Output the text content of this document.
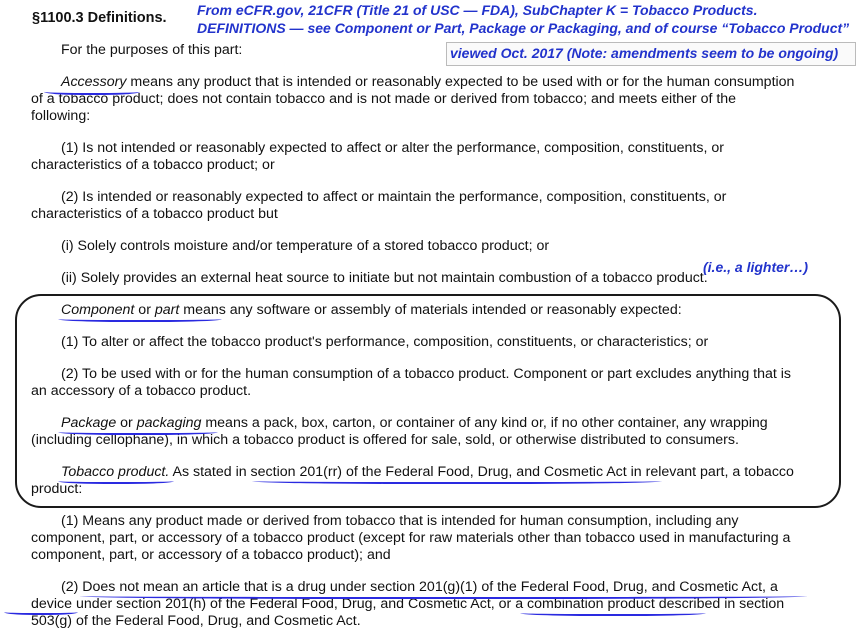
§1100.3 Definitions. From eCFR.gov, 21CFR (Title 21 of USC — FDA), SubChapter K = Tobacco Products.
DEFINITIONS — see Component or Part, Package or Packaging, and of course “Tobacco Product”
viewed Oct. 2017 (Note: amendments seem to be ongoing)
For the purposes of this part:
Accessory means any product that is intended or reasonably expected to be used with or for the human consumption
of a tobacco product; does not contain tobacco and is not made or derived from tobacco; and meets either of the
following:
(1) Is not intended or reasonably expected to affect or alter the performance, composition, constituents, or
characteristics of a tobacco product; or
(2) Is intended or reasonably expected to affect or maintain the performance, composition, constituents, or
characteristics of a tobacco product but
(i) Solely controls moisture and/or temperature of a stored tobacco product; or
(ii) Solely provides an external heat source to initiate but not maintain combustion of a tobacco product.
(i.e., a lighter…)
Component or part means any software or assembly of materials intended or reasonably expected:
(1) To alter or affect the tobacco product's performance, composition, constituents, or characteristics; or
(2) To be used with or for the human consumption of a tobacco product. Component or part excludes anything that is
an accessory of a tobacco product.
Package or packaging means a pack, box, carton, or container of any kind or, if no other container, any wrapping
(including cellophane), in which a tobacco product is offered for sale, sold, or otherwise distributed to consumers.
Tobacco product. As stated in section 201(rr) of the Federal Food, Drug, and Cosmetic Act in relevant part, a tobacco
product:
(1) Means any product made or derived from tobacco that is intended for human consumption, including any
component, part, or accessory of a tobacco product (except for raw materials other than tobacco used in manufacturing a
component, part, or accessory of a tobacco product); and
(2) Does not mean an article that is a drug under section 201(g)(1) of the Federal Food, Drug, and Cosmetic Act, a
device under section 201(h) of the Federal Food, Drug, and Cosmetic Act, or a combination product described in section
503(g) of the Federal Food, Drug, and Cosmetic Act.
